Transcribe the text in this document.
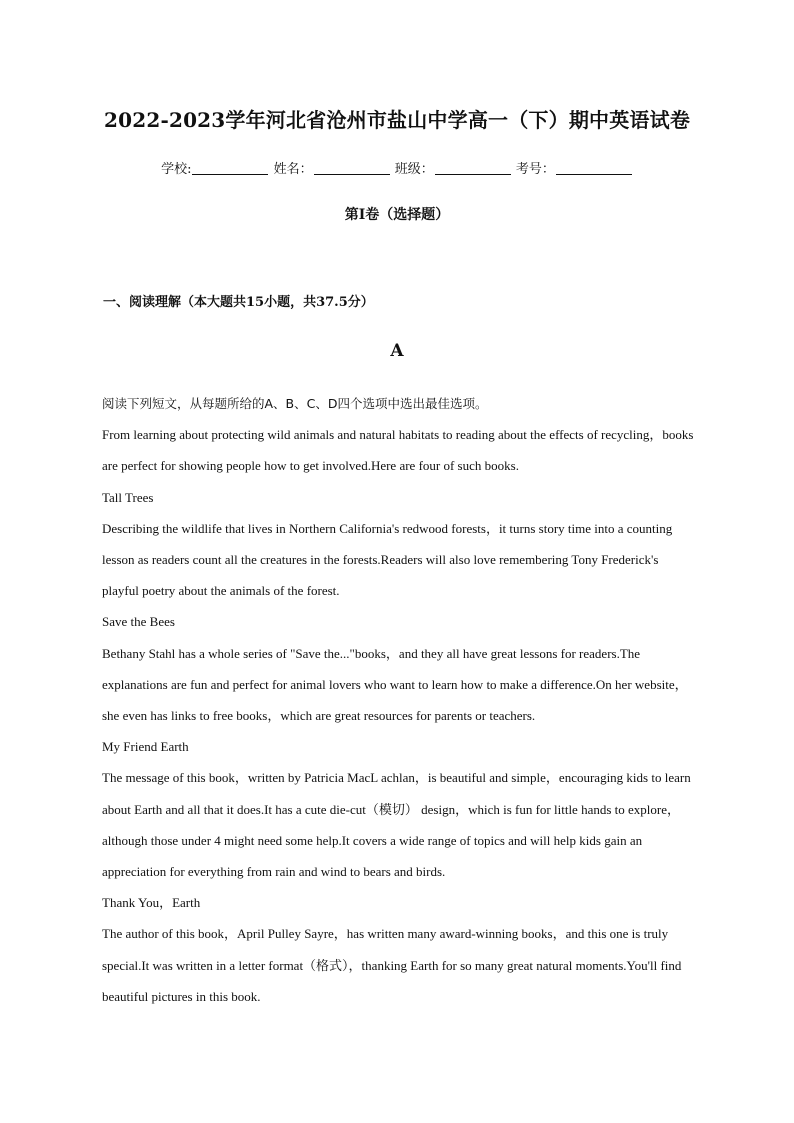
2022-2023学年河北省沧州市盐山中学高一（下）期中英语试卷
学校:	姓名：	班级：	考号：
第I卷（选择题）
一、阅读理解（本大题共15小题，共37.5分）
A

阅读下列短文，从每题所给的A、B、C、D四个选项中选出最佳选项。

From learning about protecting wild animals and natural habitats to reading about the effects of recycling，books are perfect for showing people how to get involved.Here are four of such books.

Tall Trees

Describing the wildlife that lives in Northern California's redwood forests，it turns story time into a counting lesson as readers count all the creatures in the forests.Readers will also love remembering Tony Frederick's playful poetry about the animals of the forest.

Save the Bees

Bethany Stahl has a whole series of "Save the..."books，and they all have great lessons for readers.The explanations are fun and perfect for animal lovers who want to learn how to make a difference.On her website，she even has links to free books，which are great resources for parents or teachers.

My Friend Earth

The message of this book，written by Patricia MacL achlan，is beautiful and simple，encouraging kids to learn about Earth and all that it does.It has a cute die-cut（模切） design，which is fun for little hands to explore，although those under 4 might need some help.It covers a wide range of topics and will help kids gain an appreciation for everything from rain and wind to bears and birds.

Thank You，Earth

The author of this book，April Pulley Sayre，has written many award-winning books，and this one is truly special.It was written in a letter format（格式），thanking Earth for so many great natural moments.You'll find beautiful pictures in this book.
